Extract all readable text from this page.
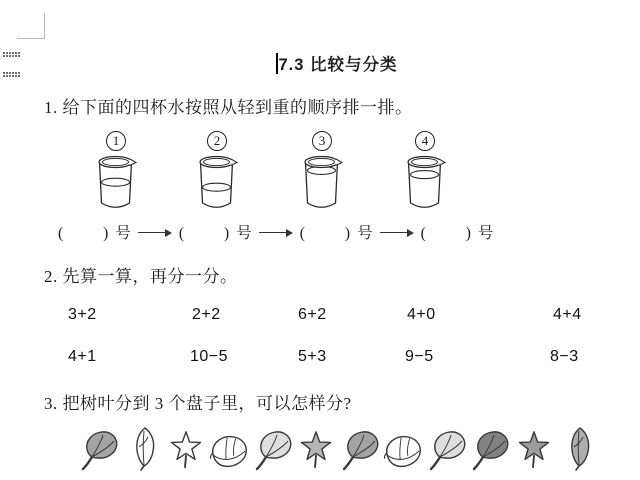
7.3 比较与分类
1. 给下面的四杯水按照从轻到重的顺序排一排。
1	2	3	4
(	) 号	(	) 号	(	) 号	(	) 号
2. 先算一算，再分一分。
3+2	2+2	6+2	4+0	4+4
4+1	10−5	5+3	9−5	8−3
3. 把树叶分到 3 个盘子里，可以怎样分?
